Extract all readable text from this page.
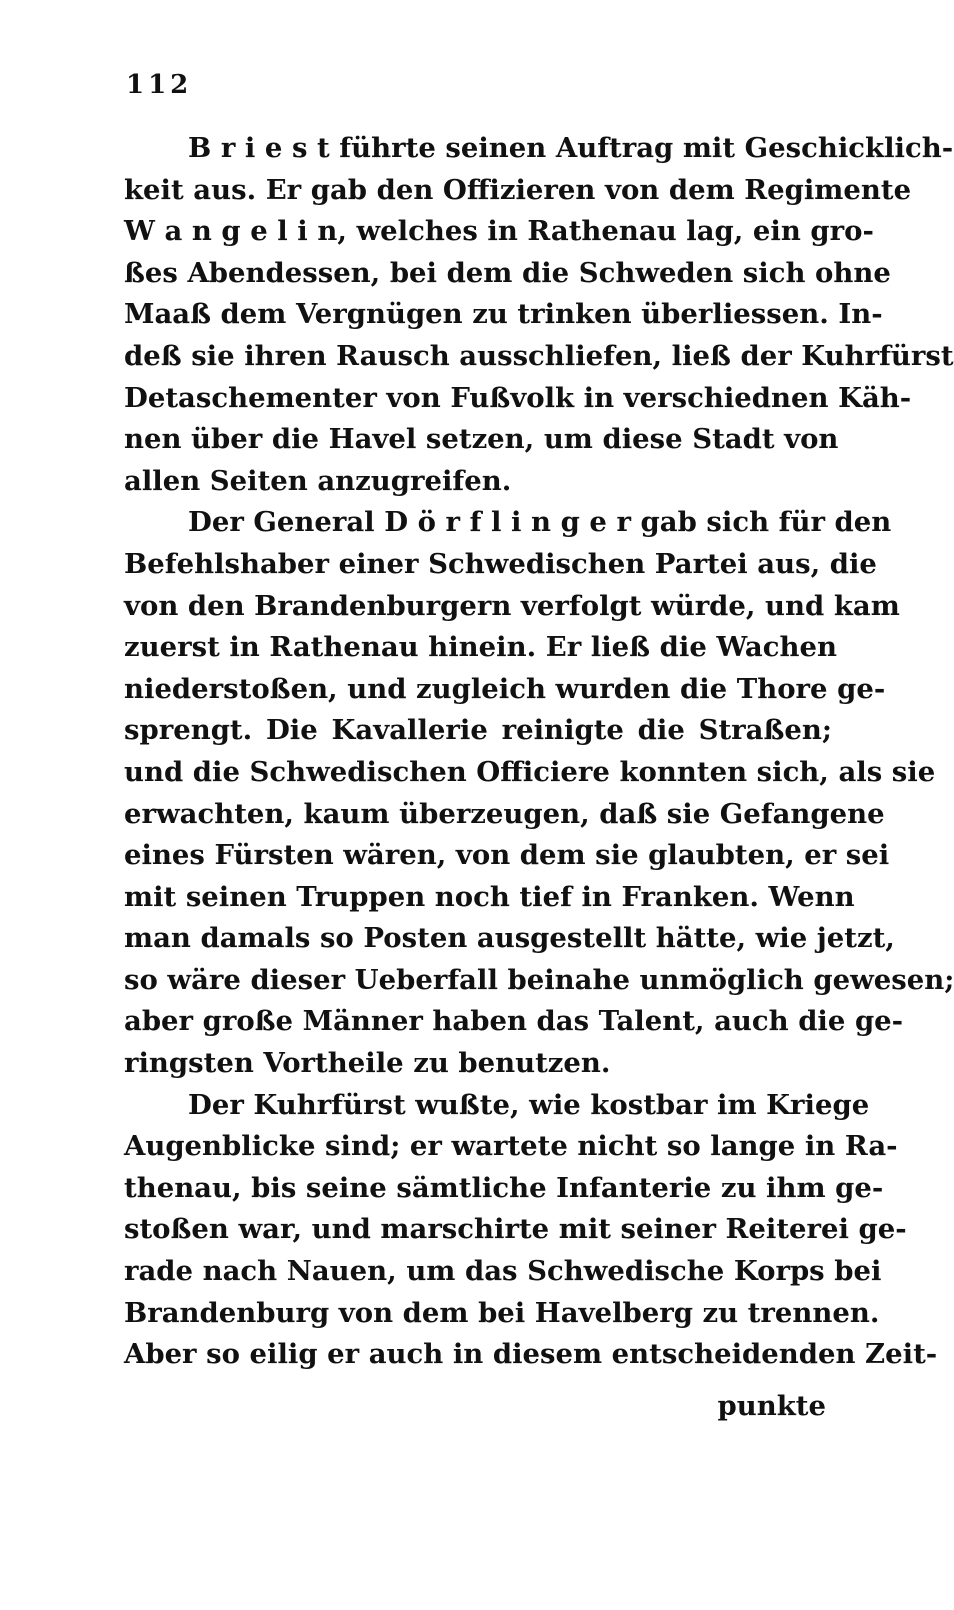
112
B r i e s t führte seinen Auftrag mit Geschicklich-
keit aus. Er gab den Offizieren von dem Regimente
W a n g e l i n, welches in Rathenau lag, ein gro-
ßes Abendessen, bei dem die Schweden sich ohne
Maaß dem Vergnügen zu trinken überliessen. In-
deß sie ihren Rausch ausschliefen, ließ der Kuhrfürst
Detaschementer von Fußvolk in verschiednen Käh-
nen über die Havel setzen, um diese Stadt von
allen Seiten anzugreifen.
Der General D ö r f l i n g e r gab sich für den
Befehlshaber einer Schwedischen Partei aus, die
von den Brandenburgern verfolgt würde, und kam
zuerst in Rathenau hinein. Er ließ die Wachen
niederstoßen, und zugleich wurden die Thore ge-
sprengt. Die Kavallerie reinigte die Straßen;
und die Schwedischen Officiere konnten sich, als sie
erwachten, kaum überzeugen, daß sie Gefangene
eines Fürsten wären, von dem sie glaubten, er sei
mit seinen Truppen noch tief in Franken. Wenn
man damals so Posten ausgestellt hätte, wie jetzt,
so wäre dieser Ueberfall beinahe unmöglich gewesen;
aber große Männer haben das Talent, auch die ge-
ringsten Vortheile zu benutzen.
Der Kuhrfürst wußte, wie kostbar im Kriege
Augenblicke sind; er wartete nicht so lange in Ra-
thenau, bis seine sämtliche Infanterie zu ihm ge-
stoßen war, und marschirte mit seiner Reiterei ge-
rade nach Nauen, um das Schwedische Korps bei
Brandenburg von dem bei Havelberg zu trennen.
Aber so eilig er auch in diesem entscheidenden Zeit-
punkte
